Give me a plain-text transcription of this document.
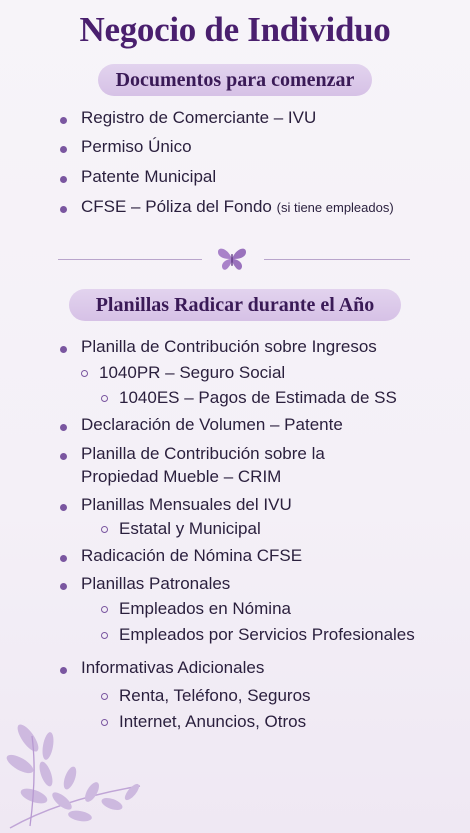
Negocio de Individuo
Documentos para comenzar
Registro de Comerciante – IVU
Permiso Único
Patente Municipal
CFSE – Póliza del Fondo (si tiene empleados)
Planillas Radicar durante el Año
Planilla de Contribución sobre Ingresos
1040PR – Seguro Social
1040ES – Pagos de Estimada de SS
Declaración de Volumen – Patente
Planilla de Contribución sobre la
Propiedad Mueble – CRIM
Planillas Mensuales del IVU
Estatal y Municipal
Radicación de Nómina CFSE
Planillas Patronales
Empleados en Nómina
Empleados por Servicios Profesionales
Informativas Adicionales
Renta, Teléfono, Seguros
Internet, Anuncios, Otros
